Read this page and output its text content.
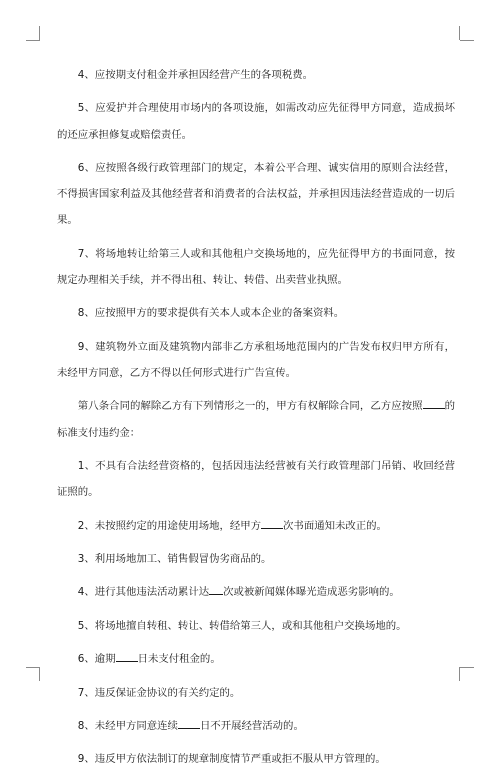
4、应按期支付租金并承担因经营产生的各项税费。

5、应爱护并合理使用市场内的各项设施，如需改动应先征得甲方同意，造成损坏的还应承担修复或赔偿责任。

6、应按照各级行政管理部门的规定，本着公平合理、诚实信用的原则合法经营，不得损害国家利益及其他经营者和消费者的合法权益，并承担因违法经营造成的一切后果。

7、将场地转让给第三人或和其他租户交换场地的，应先征得甲方的书面同意，按规定办理相关手续，并不得出租、转让、转借、出卖营业执照。

8、应按照甲方的要求提供有关本人或本企业的备案资料。

9、建筑物外立面及建筑物内部非乙方承租场地范围内的广告发布权归甲方所有，未经甲方同意，乙方不得以任何形式进行广告宣传。

第八条合同的解除乙方有下列情形之一的，甲方有权解除合同，乙方应按照 的标准支付违约金：

1、不具有合法经营资格的，包括因违法经营被有关行政管理部门吊销、收回经营证照的。

2、未按照约定的用途使用场地，经甲方 次书面通知未改正的。

3、利用场地加工、销售假冒伪劣商品的。

4、进行其他违法活动累计达 次或被新闻媒体曝光造成恶劣影响的。

5、将场地擅自转租、转让、转借给第三人，或和其他租户交换场地的。

6、逾期 日未支付租金的。

7、违反保证金协议的有关约定的。

8、未经甲方同意连续 日不开展经营活动的。

9、违反甲方依法制订的规章制度情节严重或拒不服从甲方管理的。
